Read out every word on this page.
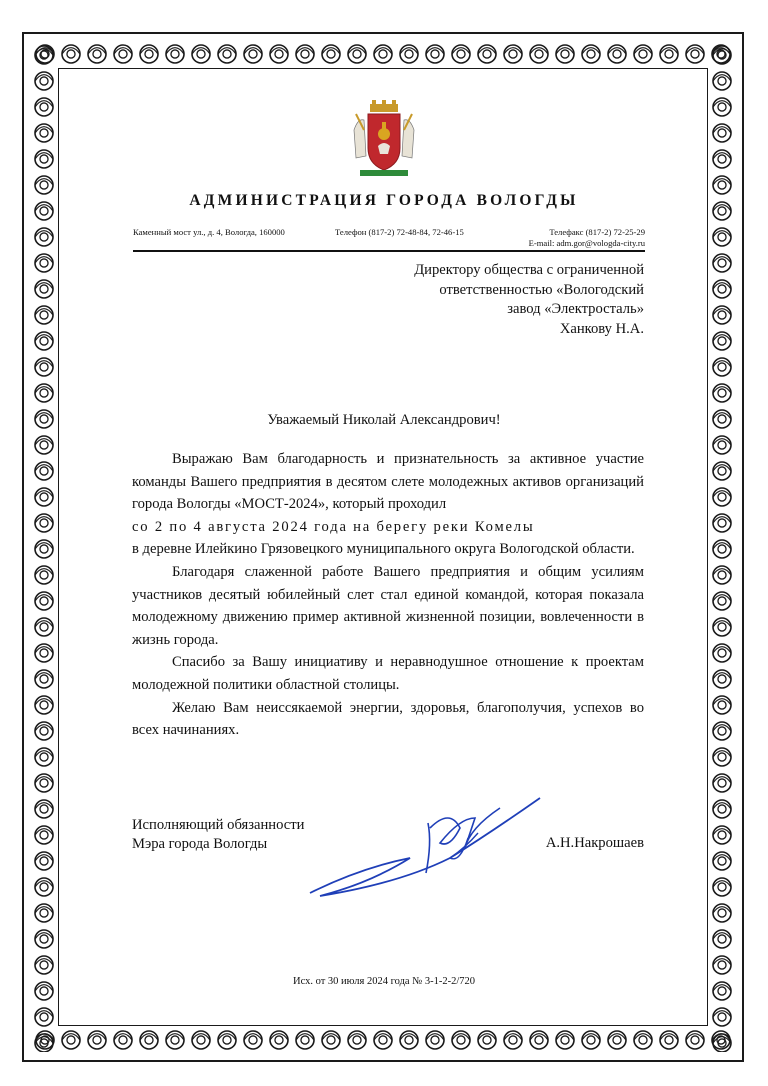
АДМИНИСТРАЦИЯ ГОРОДА ВОЛОГДЫ
Каменный мост ул., д. 4, Вологда, 160000	Телефон (817-2) 72-48-84, 72-46-15	Телефакс (817-2) 72-25-29
E-mail: adm.gor@vologda-city.ru
Директору общества с ограниченной
ответственностью «Вологодский
завод «Электросталь»
Ханкову Н.А.
Уважаемый Николай Александрович!

Выражаю Вам благодарность и признательность за активное участие команды Вашего предприятия в десятом слете молодежных активов организаций города Вологды «МОСТ-2024», который проходил

со 2 по 4 августа 2024 года на берегу реки Комелы

в деревне Илейкино Грязовецкого муниципального округа Вологодской области.

Благодаря слаженной работе Вашего предприятия и общим усилиям участников десятый юбилейный слет стал единой командой, которая показала молодежному движению пример активной жизненной позиции, вовлеченности в жизнь города.

Спасибо за Вашу инициативу и неравнодушное отношение к проектам молодежной политики областной столицы.

Желаю Вам неиссякаемой энергии, здоровья, благополучия, успехов во всех начинаниях.

Исполняющий обязанности
Мэра города Вологды	А.Н.Накрошаев
Исх. от 30 июля 2024 года № 3-1-2-2/720
